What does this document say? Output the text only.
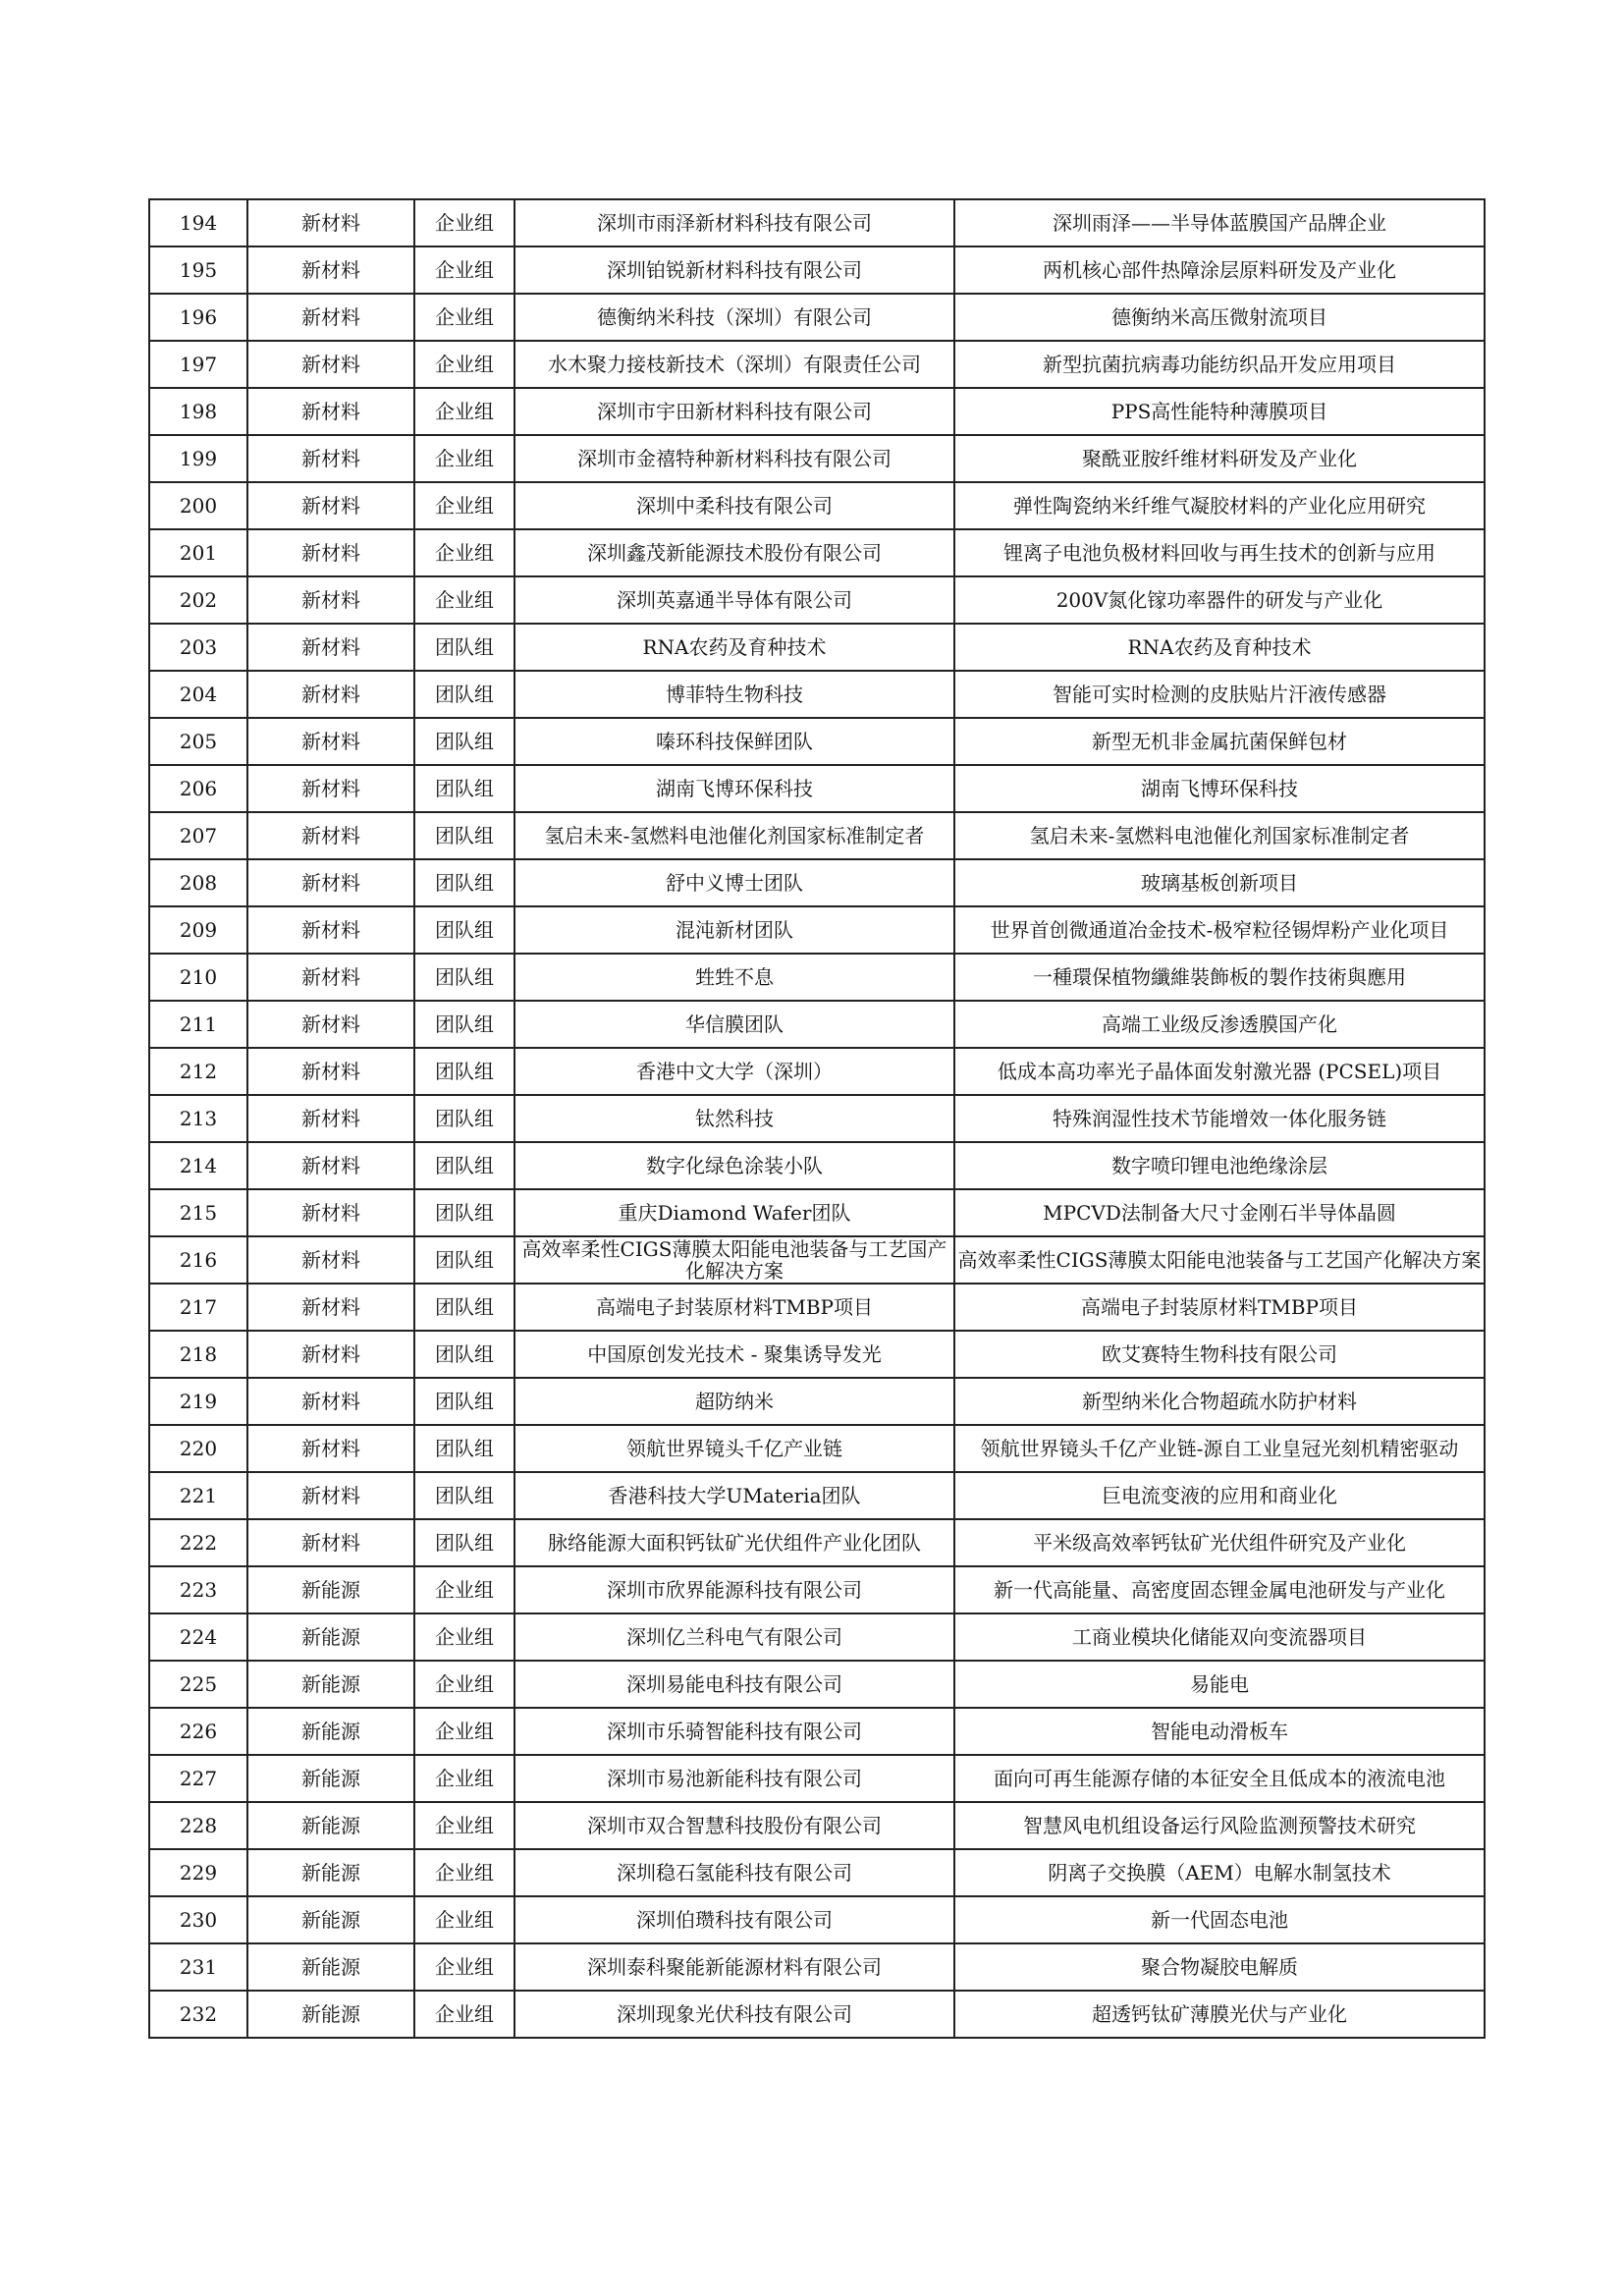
194	新材料	企业组	深圳市雨泽新材料科技有限公司	深圳雨泽——半导体蓝膜国产品牌企业
195	新材料	企业组	深圳铂锐新材料科技有限公司	两机核心部件热障涂层原料研发及产业化
196	新材料	企业组	德衡纳米科技（深圳）有限公司	德衡纳米高压微射流项目
197	新材料	企业组	水木聚力接枝新技术（深圳）有限责任公司	新型抗菌抗病毒功能纺织品开发应用项目
198	新材料	企业组	深圳市宇田新材料科技有限公司	PPS高性能特种薄膜项目
199	新材料	企业组	深圳市金禧特种新材料科技有限公司	聚酰亚胺纤维材料研发及产业化
200	新材料	企业组	深圳中柔科技有限公司	弹性陶瓷纳米纤维气凝胶材料的产业化应用研究
201	新材料	企业组	深圳鑫茂新能源技术股份有限公司	锂离子电池负极材料回收与再生技术的创新与应用
202	新材料	企业组	深圳英嘉通半导体有限公司	200V氮化镓功率器件的研发与产业化
203	新材料	团队组	RNA农药及育种技术	RNA农药及育种技术
204	新材料	团队组	博菲特生物科技	智能可实时检测的皮肤贴片汗液传感器
205	新材料	团队组	嗪环科技保鲜团队	新型无机非金属抗菌保鲜包材
206	新材料	团队组	湖南飞博环保科技	湖南飞博环保科技
207	新材料	团队组	氢启未来-氢燃料电池催化剂国家标准制定者	氢启未来-氢燃料电池催化剂国家标准制定者
208	新材料	团队组	舒中义博士团队	玻璃基板创新项目
209	新材料	团队组	混沌新材团队	世界首创微通道冶金技术-极窄粒径锡焊粉产业化项目
210	新材料	团队组	甡甡不息	一種環保植物纖維裝飾板的製作技術與應用
211	新材料	团队组	华信膜团队	高端工业级反渗透膜国产化
212	新材料	团队组	香港中文大学（深圳）	低成本高功率光子晶体面发射激光器 (PCSEL)项目
213	新材料	团队组	钛然科技	特殊润湿性技术节能增效一体化服务链
214	新材料	团队组	数字化绿色涂装小队	数字喷印锂电池绝缘涂层
215	新材料	团队组	重庆Diamond Wafer团队	MPCVD法制备大尺寸金刚石半导体晶圆
216	新材料	团队组	高效率柔性CIGS薄膜太阳能电池装备与工艺国产化解决方案	高效率柔性CIGS薄膜太阳能电池装备与工艺国产化解决方案
217	新材料	团队组	高端电子封装原材料TMBP项目	高端电子封装原材料TMBP项目
218	新材料	团队组	中国原创发光技术 - 聚集诱导发光	欧艾赛特生物科技有限公司
219	新材料	团队组	超防纳米	新型纳米化合物超疏水防护材料
220	新材料	团队组	领航世界镜头千亿产业链	领航世界镜头千亿产业链-源自工业皇冠光刻机精密驱动
221	新材料	团队组	香港科技大学UMateria团队	巨电流变液的应用和商业化
222	新材料	团队组	脉络能源大面积钙钛矿光伏组件产业化团队	平米级高效率钙钛矿光伏组件研究及产业化
223	新能源	企业组	深圳市欣界能源科技有限公司	新一代高能量、高密度固态锂金属电池研发与产业化
224	新能源	企业组	深圳亿兰科电气有限公司	工商业模块化储能双向变流器项目
225	新能源	企业组	深圳易能电科技有限公司	易能电
226	新能源	企业组	深圳市乐骑智能科技有限公司	智能电动滑板车
227	新能源	企业组	深圳市易池新能科技有限公司	面向可再生能源存储的本征安全且低成本的液流电池
228	新能源	企业组	深圳市双合智慧科技股份有限公司	智慧风电机组设备运行风险监测预警技术研究
229	新能源	企业组	深圳稳石氢能科技有限公司	阴离子交换膜（AEM）电解水制氢技术
230	新能源	企业组	深圳伯瓒科技有限公司	新一代固态电池
231	新能源	企业组	深圳泰科聚能新能源材料有限公司	聚合物凝胶电解质
232	新能源	企业组	深圳现象光伏科技有限公司	超透钙钛矿薄膜光伏与产业化
